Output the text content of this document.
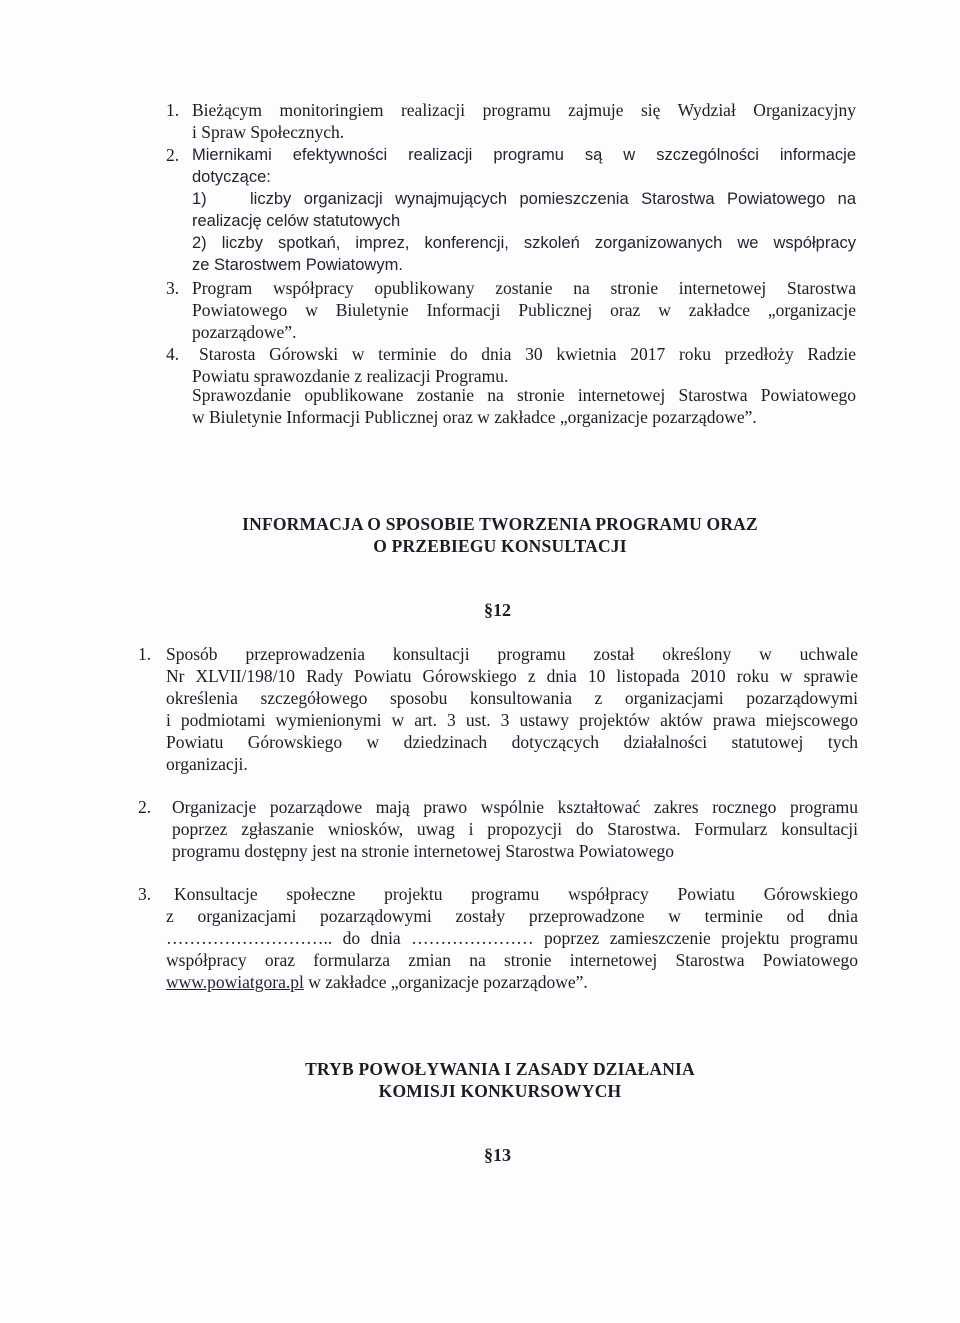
1. Bieżącym monitoringiem realizacji programu zajmuje się Wydział Organizacyjny
i Spraw Społecznych.
2. Miernikami efektywności realizacji programu są w szczególności informacje
dotyczące:
1)	liczby organizacji wynajmujących pomieszczenia Starostwa Powiatowego na
realizację celów statutowych
2) liczby spotkań, imprez, konferencji, szkoleń zorganizowanych we współpracy
ze Starostwem Powiatowym.
3. Program współpracy opublikowany zostanie na stronie internetowej Starostwa
Powiatowego w Biuletynie Informacji Publicznej oraz w zakładce „organizacje
pozarządowe”.
4. Starosta Górowski w terminie do dnia 30 kwietnia 2017 roku przedłoży Radzie
Powiatu sprawozdanie z realizacji Programu.
Sprawozdanie opublikowane zostanie na stronie internetowej Starostwa Powiatowego
w Biuletynie Informacji Publicznej oraz w zakładce „organizacje pozarządowe”.
INFORMACJA O SPOSOBIE TWORZENIA PROGRAMU ORAZ
O PRZEBIEGU KONSULTACJI
§12
1. Sposób przeprowadzenia konsultacji programu został określony w uchwale
Nr XLVII/198/10 Rady Powiatu Górowskiego z dnia 10 listopada 2010 roku w sprawie
określenia szczegółowego sposobu konsultowania z organizacjami pozarządowymi
i podmiotami wymienionymi w art. 3 ust. 3 ustawy projektów aktów prawa miejscowego
Powiatu Górowskiego w dziedzinach dotyczących działalności statutowej tych
organizacji.
2. Organizacje pozarządowe mają prawo wspólnie kształtować zakres rocznego programu
poprzez zgłaszanie wniosków, uwag i propozycji do Starostwa. Formularz konsultacji
programu dostępny jest na stronie internetowej Starostwa Powiatowego
3. Konsultacje społeczne projektu programu współpracy Powiatu Górowskiego
z organizacjami pozarządowymi zostały przeprowadzone w terminie od dnia
……………………….. do dnia ………………… poprzez zamieszczenie projektu programu
współpracy oraz formularza zmian na stronie internetowej Starostwa Powiatowego
www.powiatgora.pl w zakładce „organizacje pozarządowe”.
TRYB POWOŁYWANIA I ZASADY DZIAŁANIA
KOMISJI KONKURSOWYCH
§13
